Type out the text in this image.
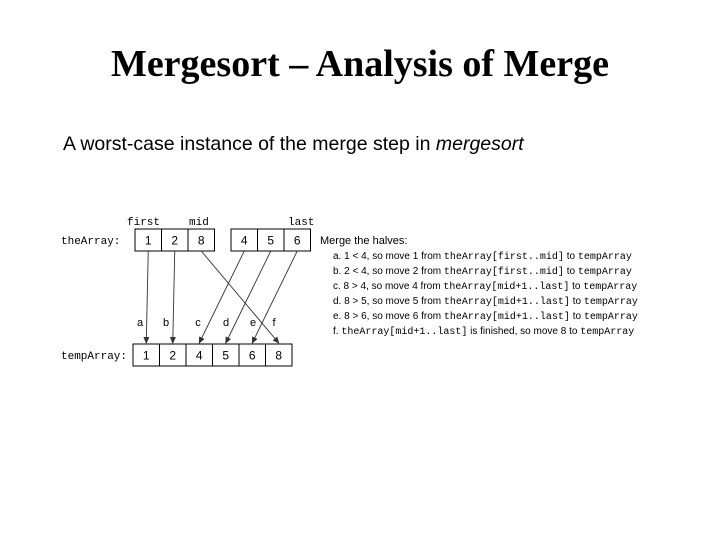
Mergesort – Analysis of Merge
A worst-case instance of the merge step in mergesort
theArray:
tempArray:
first	mid	last
1 2 8	4 5 6
1 2 4 5 6 8
a b c d e f
Merge the halves:
a. 1 < 4, so move 1 from theArray[first..mid] to tempArray
b. 2 < 4, so move 2 from theArray[first..mid] to tempArray
c. 8 > 4, so move 4 from theArray[mid+1..last] to tempArray
d. 8 > 5, so move 5 from theArray[mid+1..last] to tempArray
e. 8 > 6, so move 6 from theArray[mid+1..last] to tempArray
f. theArray[mid+1..last] is finished, so move 8 to tempArray
